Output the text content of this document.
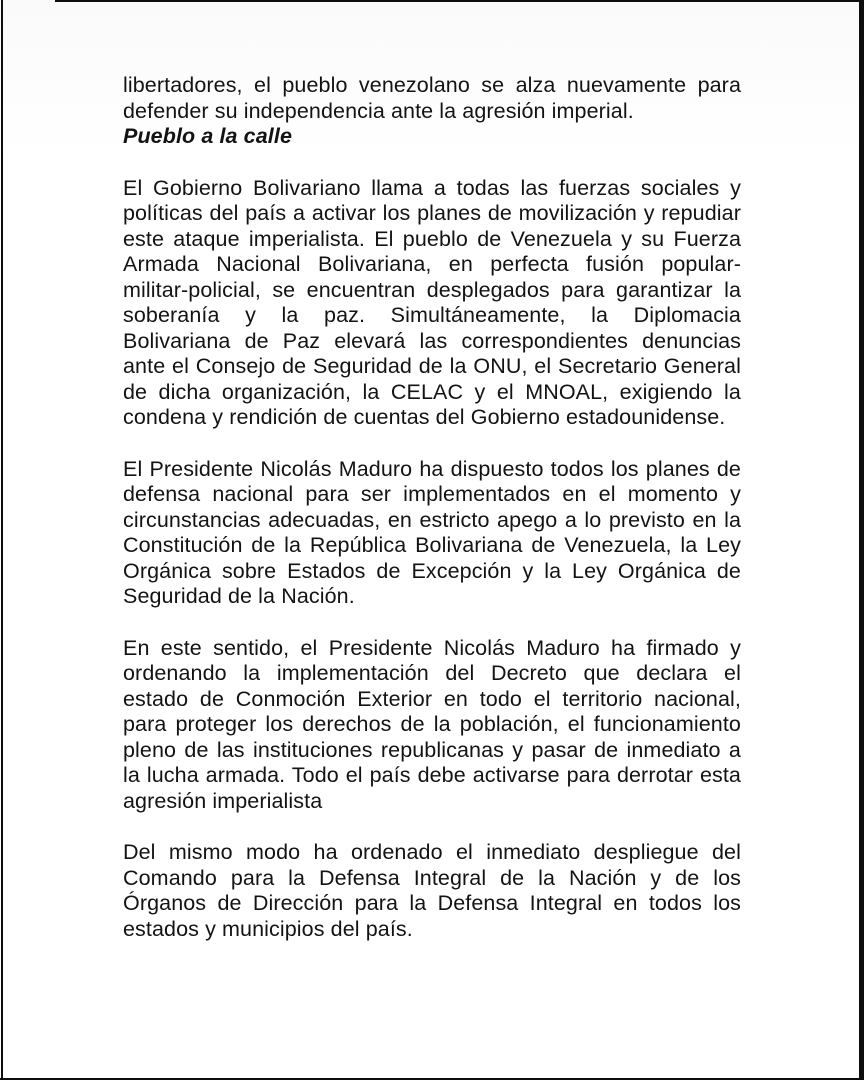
libertadores, el pueblo venezolano se alza nuevamente para
defender su independencia ante la agresión imperial.
Pueblo a la calle
El Gobierno Bolivariano llama a todas las fuerzas sociales y
políticas del país a activar los planes de movilización y repudiar
este ataque imperialista. El pueblo de Venezuela y su Fuerza
Armada Nacional Bolivariana, en perfecta fusión popular-
militar-policial, se encuentran desplegados para garantizar la
soberanía y la paz. Simultáneamente, la Diplomacia
Bolivariana de Paz elevará las correspondientes denuncias
ante el Consejo de Seguridad de la ONU, el Secretario General
de dicha organización, la CELAC y el MNOAL, exigiendo la
condena y rendición de cuentas del Gobierno estadounidense.
El Presidente Nicolás Maduro ha dispuesto todos los planes de
defensa nacional para ser implementados en el momento y
circunstancias adecuadas, en estricto apego a lo previsto en la
Constitución de la República Bolivariana de Venezuela, la Ley
Orgánica sobre Estados de Excepción y la Ley Orgánica de
Seguridad de la Nación.
En este sentido, el Presidente Nicolás Maduro ha firmado y
ordenando la implementación del Decreto que declara el
estado de Conmoción Exterior en todo el territorio nacional,
para proteger los derechos de la población, el funcionamiento
pleno de las instituciones republicanas y pasar de inmediato a
la lucha armada. Todo el país debe activarse para derrotar esta
agresión imperialista
Del mismo modo ha ordenado el inmediato despliegue del
Comando para la Defensa Integral de la Nación y de los
Órganos de Dirección para la Defensa Integral en todos los
estados y municipios del país.
